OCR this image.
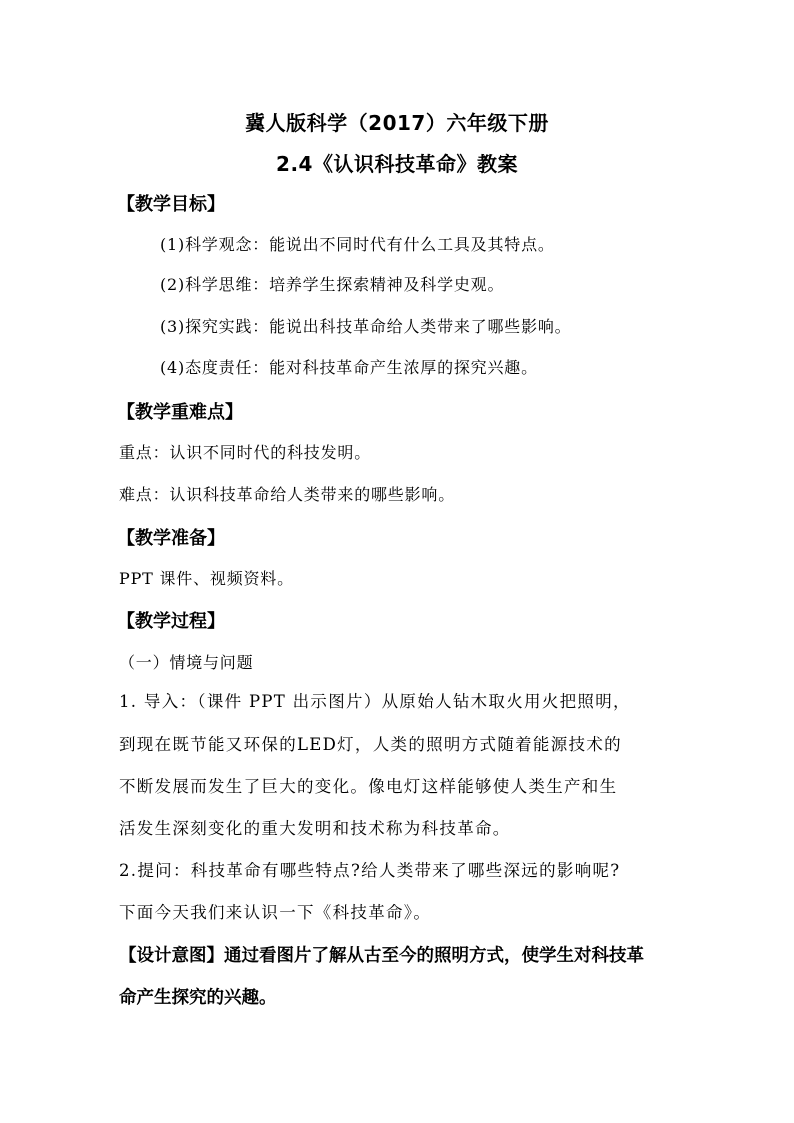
冀人版科学（2017）六年级下册
2.4《认识科技革命》教案
【教学目标】
(1)科学观念：能说出不同时代有什么工具及其特点。
(2)科学思维：培养学生探索精神及科学史观。
(3)探究实践：能说出科技革命给人类带来了哪些影响。
(4)态度责任：能对科技革命产生浓厚的探究兴趣。
【教学重难点】
重点：认识不同时代的科技发明。
难点：认识科技革命给人类带来的哪些影响。
【教学准备】
PPT 课件、视频资料。
【教学过程】
（一）情境与问题
1. 导入：（课件 PPT 出示图片）从原始人钻木取火用火把照明，
到现在既节能又环保的LED灯，人类的照明方式随着能源技术的
不断发展而发生了巨大的变化。像电灯这样能够使人类生产和生
活发生深刻变化的重大发明和技术称为科技革命。
2.提问：科技革命有哪些特点?给人类带来了哪些深远的影响呢?
下面今天我们来认识一下《科技革命》。
【设计意图】通过看图片了解从古至今的照明方式，使学生对科技革
命产生探究的兴趣。
